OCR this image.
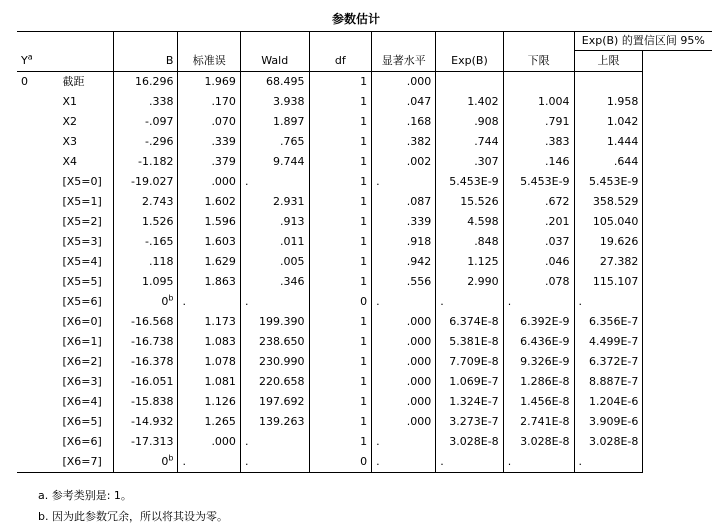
参数估计
									Exp(B) 的置信区间 95%
$Y^a$		B	标准误	Wald	df	显著水平	Exp(B)	下限	上限
0	截距	16.296	1.969	68.495	1	.000			
	X1	.338	.170	3.938	1	.047	1.402	1.004	1.958
	X2	-.097	.070	1.897	1	.168	.908	.791	1.042
	X3	-.296	.339	.765	1	.382	.744	.383	1.444
	X4	-1.182	.379	9.744	1	.002	.307	.146	.644
	[X5=0]	-19.027	.000	.	1	.	5.453E-9	5.453E-9	5.453E-9
	[X5=1]	2.743	1.602	2.931	1	.087	15.526	.672	358.529
	[X5=2]	1.526	1.596	.913	1	.339	4.598	.201	105.040
	[X5=3]	-.165	1.603	.011	1	.918	.848	.037	19.626
	[X5=4]	.118	1.629	.005	1	.942	1.125	.046	27.382
	[X5=5]	1.095	1.863	.346	1	.556	2.990	.078	115.107
	[X5=6]	0$^b$	.	.	0	.	.	.	.
	[X6=0]	-16.568	1.173	199.390	1	.000	6.374E-8	6.392E-9	6.356E-7
	[X6=1]	-16.738	1.083	238.650	1	.000	5.381E-8	6.436E-9	4.499E-7
	[X6=2]	-16.378	1.078	230.990	1	.000	7.709E-8	9.326E-9	6.372E-7
	[X6=3]	-16.051	1.081	220.658	1	.000	1.069E-7	1.286E-8	8.887E-7
	[X6=4]	-15.838	1.126	197.692	1	.000	1.324E-7	1.456E-8	1.204E-6
	[X6=5]	-14.932	1.265	139.263	1	.000	3.273E-7	2.741E-8	3.909E-6
	[X6=6]	-17.313	.000	.	1	.	3.028E-8	3.028E-8	3.028E-8
	[X6=7]	0$^b$	.	.	0	.	.	.	.
a. 参考类别是: 1。
b. 因为此参数冗余，所以将其设为零。
